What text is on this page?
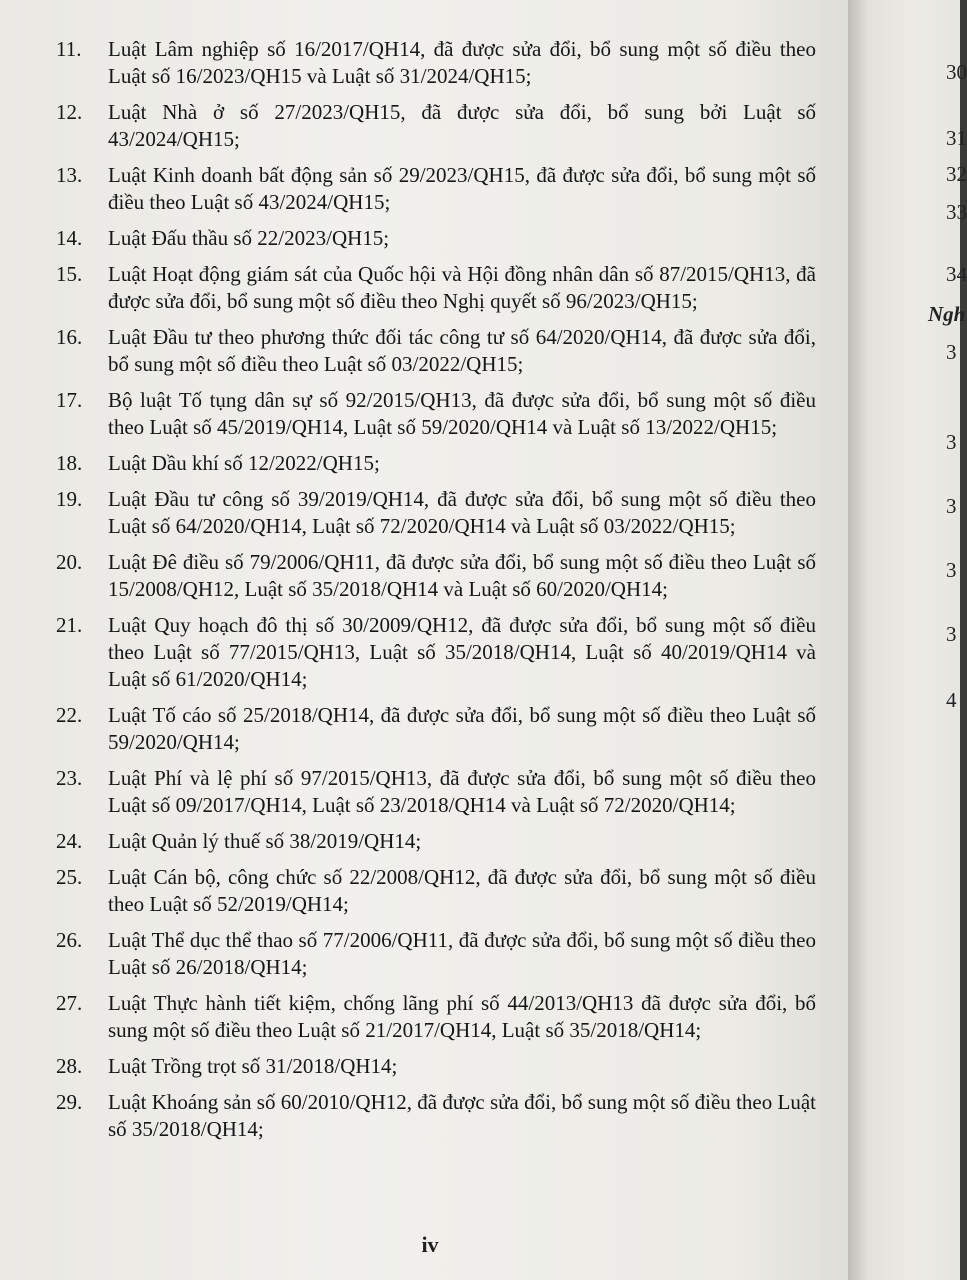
11.	Luật Lâm nghiệp số 16/2017/QH14, đã được sửa đổi, bổ sung một số điều theo Luật số 16/2023/QH15 và Luật số 31/2024/QH15;
12.	Luật Nhà ở số 27/2023/QH15, đã được sửa đổi, bổ sung bởi Luật số 43/2024/QH15;
13.	Luật Kinh doanh bất động sản số 29/2023/QH15, đã được sửa đổi, bổ sung một số điều theo Luật số 43/2024/QH15;
14.	Luật Đấu thầu số 22/2023/QH15;
15.	Luật Hoạt động giám sát của Quốc hội và Hội đồng nhân dân số 87/2015/QH13, đã được sửa đổi, bổ sung một số điều theo Nghị quyết số 96/2023/QH15;
16.	Luật Đầu tư theo phương thức đối tác công tư số 64/2020/QH14, đã được sửa đổi, bổ sung một số điều theo Luật số 03/2022/QH15;
17.	Bộ luật Tố tụng dân sự số 92/2015/QH13, đã được sửa đổi, bổ sung một số điều theo Luật số 45/2019/QH14, Luật số 59/2020/QH14 và Luật số 13/2022/QH15;
18.	Luật Dầu khí số 12/2022/QH15;
19.	Luật Đầu tư công số 39/2019/QH14, đã được sửa đổi, bổ sung một số điều theo Luật số 64/2020/QH14, Luật số 72/2020/QH14 và Luật số 03/2022/QH15;
20.	Luật Đê điều số 79/2006/QH11, đã được sửa đổi, bổ sung một số điều theo Luật số 15/2008/QH12, Luật số 35/2018/QH14 và Luật số 60/2020/QH14;
21.	Luật Quy hoạch đô thị số 30/2009/QH12, đã được sửa đổi, bổ sung một số điều theo Luật số 77/2015/QH13, Luật số 35/2018/QH14, Luật số 40/2019/QH14 và Luật số 61/2020/QH14;
22.	Luật Tố cáo số 25/2018/QH14, đã được sửa đổi, bổ sung một số điều theo Luật số 59/2020/QH14;
23.	Luật Phí và lệ phí số 97/2015/QH13, đã được sửa đổi, bổ sung một số điều theo Luật số 09/2017/QH14, Luật số 23/2018/QH14 và Luật số 72/2020/QH14;
24.	Luật Quản lý thuế số 38/2019/QH14;
25.	Luật Cán bộ, công chức số 22/2008/QH12, đã được sửa đổi, bổ sung một số điều theo Luật số 52/2019/QH14;
26.	Luật Thể dục thể thao số 77/2006/QH11, đã được sửa đổi, bổ sung một số điều theo Luật số 26/2018/QH14;
27.	Luật Thực hành tiết kiệm, chống lãng phí số 44/2013/QH13 đã được sửa đổi, bổ sung một số điều theo Luật số 21/2017/QH14, Luật số 35/2018/QH14;
28.	Luật Trồng trọt số 31/2018/QH14;
29.	Luật Khoáng sản số 60/2010/QH12, đã được sửa đổi, bổ sung một số điều theo Luật số 35/2018/QH14;
iv
30
31
32
33
34
Ngh
3
3
3
3
3
4
